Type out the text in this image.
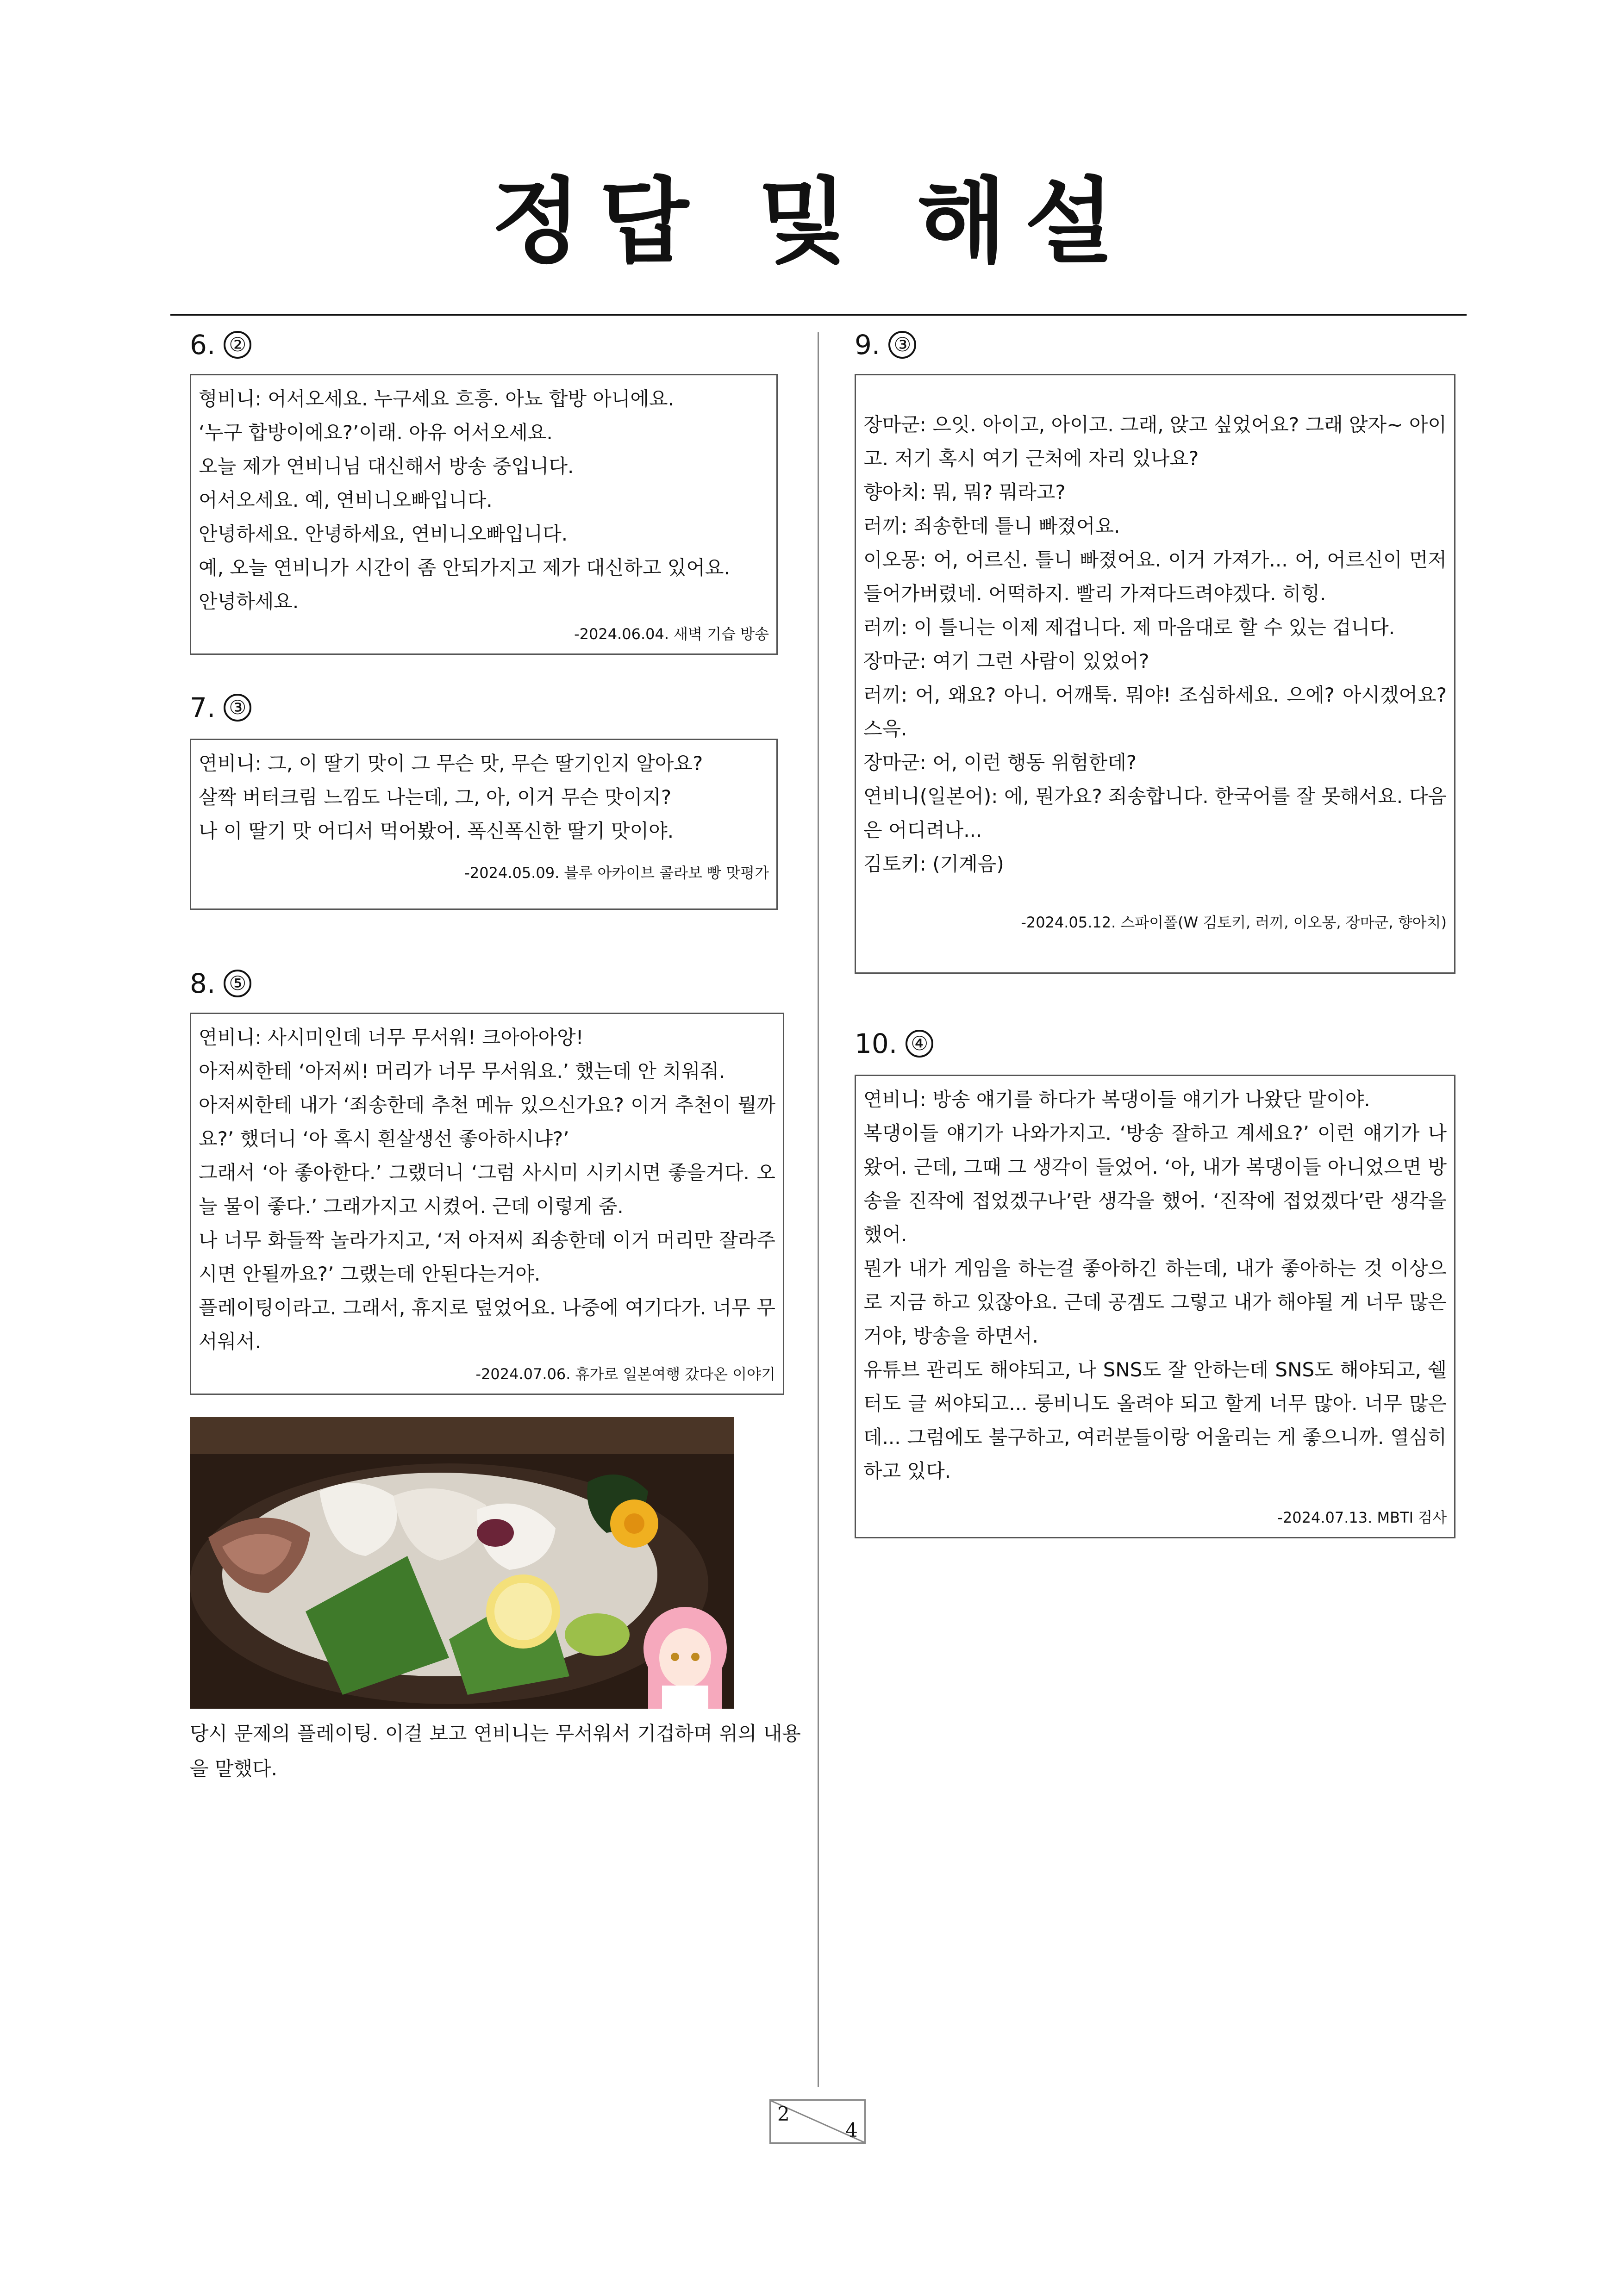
정답 및 해설
6. ②
형비니: 어서오세요. 누구세요 흐흥. 아뇨 합방 아니에요.
‘누구 합방이에요?’이래. 아유 어서오세요.
오늘 제가 연비니님 대신해서 방송 중입니다.
어서오세요. 예, 연비니오빠입니다.
안녕하세요. 안녕하세요, 연비니오빠입니다.
예, 오늘 연비니가 시간이 좀 안되가지고 제가 대신하고 있어요.
안녕하세요.
-2024.06.04. 새벽 기습 방송
7. ③
연비니: 그, 이 딸기 맛이 그 무슨 맛, 무슨 딸기인지 알아요?
살짝 버터크림 느낌도 나는데, 그, 아, 이거 무슨 맛이지?
나 이 딸기 맛 어디서 먹어봤어. 폭신폭신한 딸기 맛이야.
-2024.05.09. 블루 아카이브 콜라보 빵 맛평가
8. ⑤
연비니: 사시미인데 너무 무서워! 크아아아앙!
아저씨한테 ‘아저씨! 머리가 너무 무서워요.’ 했는데 안 치워줘.
아저씨한테 내가 ‘죄송한데 추천 메뉴 있으신가요? 이거 추천이 뭘까요?’ 했더니 ‘아 혹시 흰살생선 좋아하시냐?’
그래서 ‘아 좋아한다.’ 그랬더니 ‘그럼 사시미 시키시면 좋을거다. 오늘 물이 좋다.’ 그래가지고 시켰어. 근데 이렇게 줌.
나 너무 화들짝 놀라가지고, ‘저 아저씨 죄송한데 이거 머리만 잘라주시면 안될까요?’ 그랬는데 안된다는거야.
플레이팅이라고. 그래서, 휴지로 덮었어요. 나중에 여기다가. 너무 무서워서.
-2024.07.06. 휴가로 일본여행 갔다온 이야기
당시 문제의 플레이팅. 이걸 보고 연비니는 무서워서 기겁하며 위의 내용을 말했다.
9. ③
장마군: 으잇. 아이고, 아이고. 그래, 앉고 싶었어요? 그래 앉자~ 아이고. 저기 혹시 여기 근처에 자리 있나요?
향아치: 뭐, 뭐? 뭐라고?
러끼: 죄송한데 틀니 빠졌어요.
이오몽: 어, 어르신. 틀니 빠졌어요. 이거 가져가... 어, 어르신이 먼저 들어가버렸네. 어떡하지. 빨리 가져다드려야겠다. 히힝.
러끼: 이 틀니는 이제 제겁니다. 제 마음대로 할 수 있는 겁니다.
장마군: 여기 그런 사람이 있었어?
러끼: 어, 왜요? 아니. 어깨툭. 뭐야! 조심하세요. 으에? 아시겠어요? 스윽.
장마군: 어, 이런 행동 위험한데?
연비니(일본어): 에, 뭔가요? 죄송합니다. 한국어를 잘 못해서요. 다음은 어디려나...
김토키: (기계음)
-2024.05.12. 스파이폴(W 김토키, 러끼, 이오몽, 장마군, 향아치)
10. ④
연비니: 방송 얘기를 하다가 복댕이들 얘기가 나왔단 말이야.
복댕이들 얘기가 나와가지고. ‘방송 잘하고 계세요?’ 이런 얘기가 나왔어. 근데, 그때 그 생각이 들었어. ‘아, 내가 복댕이들 아니었으면 방송을 진작에 접었겠구나’란 생각을 했어. ‘진작에 접었겠다’란 생각을 했어.
뭔가 내가 게임을 하는걸 좋아하긴 하는데, 내가 좋아하는 것 이상으로 지금 하고 있잖아요. 근데 공겜도 그렇고 내가 해야될 게 너무 많은거야, 방송을 하면서.
유튜브 관리도 해야되고, 나 SNS도 잘 안하는데 SNS도 해야되고, 쉘터도 글 써야되고... 룽비니도 올려야 되고 할게 너무 많아. 너무 많은데... 그럼에도 불구하고, 여러분들이랑 어울리는 게 좋으니까. 열심히 하고 있다.
-2024.07.13. MBTI 검사
2
4
